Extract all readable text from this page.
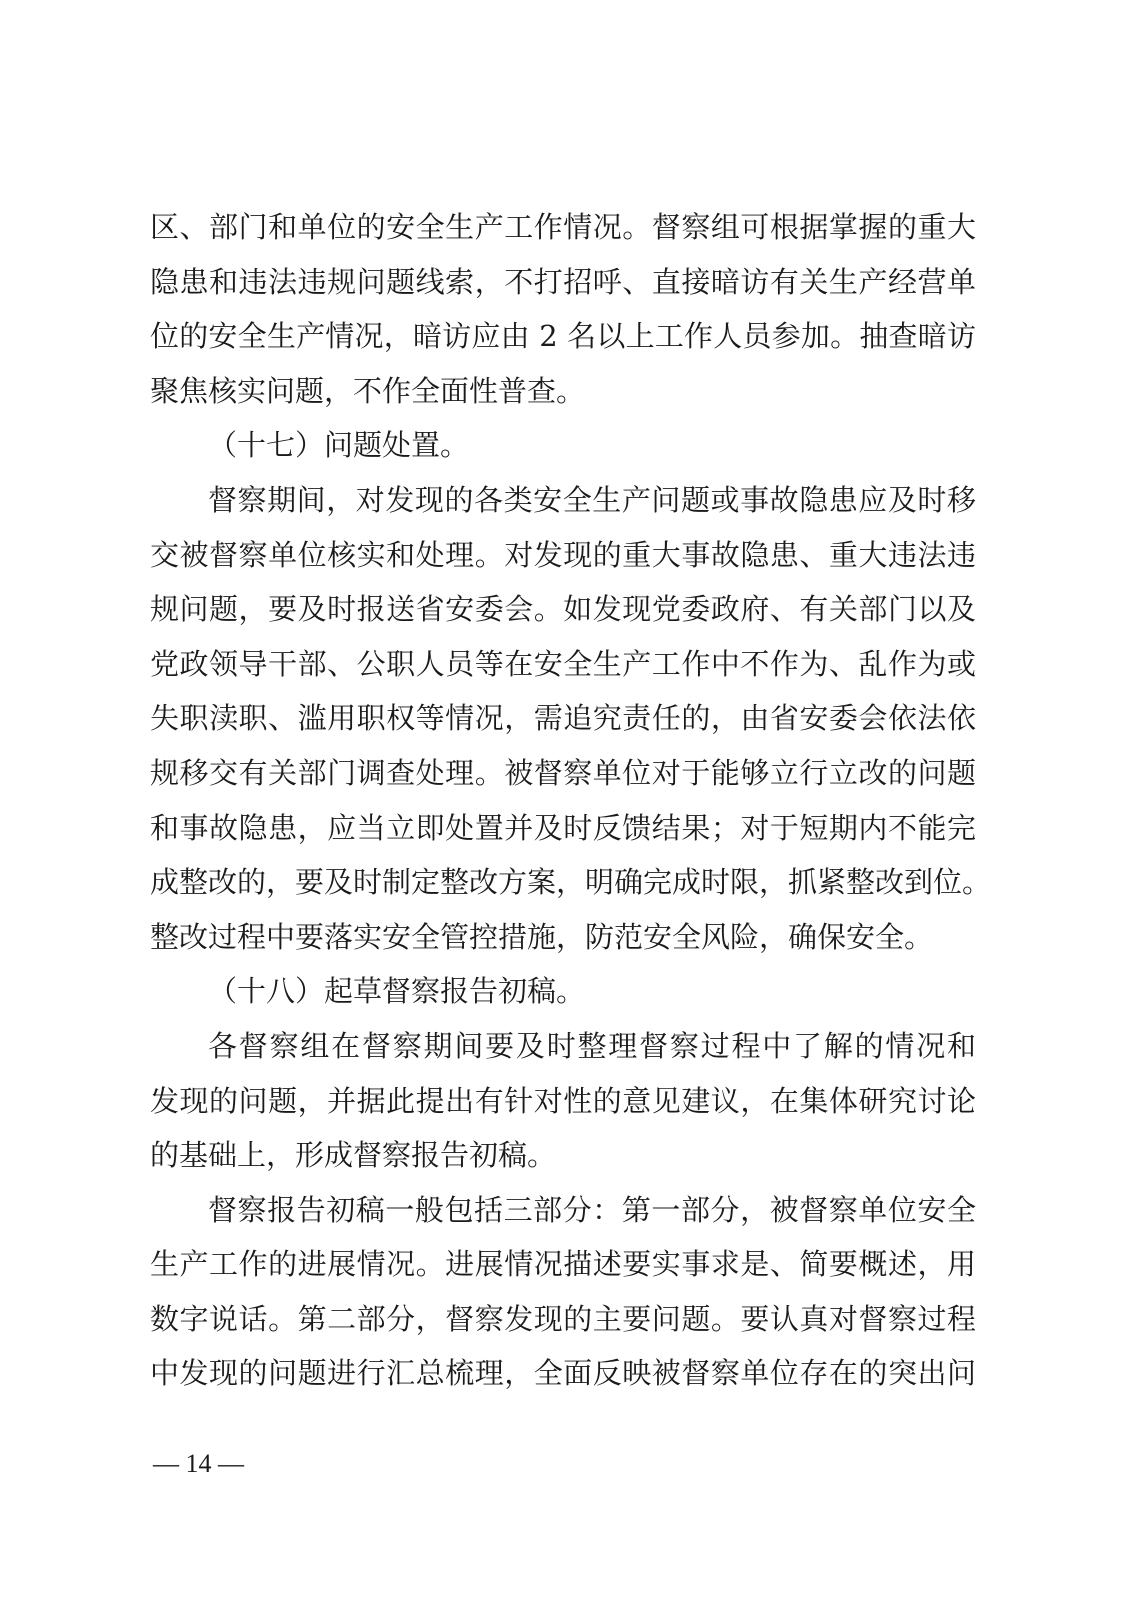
区、部门和单位的安全生产工作情况。督察组可根据掌握的重大
隐患和违法违规问题线索，不打招呼、直接暗访有关生产经营单
位的安全生产情况，暗访应由 2 名以上工作人员参加。抽查暗访
聚焦核实问题，不作全面性普查。
（十七）问题处置。
督察期间，对发现的各类安全生产问题或事故隐患应及时移
交被督察单位核实和处理。对发现的重大事故隐患、重大违法违
规问题，要及时报送省安委会。如发现党委政府、有关部门以及
党政领导干部、公职人员等在安全生产工作中不作为、乱作为或
失职渎职、滥用职权等情况，需追究责任的，由省安委会依法依
规移交有关部门调查处理。被督察单位对于能够立行立改的问题
和事故隐患，应当立即处置并及时反馈结果；对于短期内不能完
成整改的，要及时制定整改方案，明确完成时限，抓紧整改到位。
整改过程中要落实安全管控措施，防范安全风险，确保安全。
（十八）起草督察报告初稿。
各督察组在督察期间要及时整理督察过程中了解的情况和
发现的问题，并据此提出有针对性的意见建议，在集体研究讨论
的基础上，形成督察报告初稿。
督察报告初稿一般包括三部分：第一部分，被督察单位安全
生产工作的进展情况。进展情况描述要实事求是、简要概述，用
数字说话。第二部分，督察发现的主要问题。要认真对督察过程
中发现的问题进行汇总梳理，全面反映被督察单位存在的突出问
— 14 —
